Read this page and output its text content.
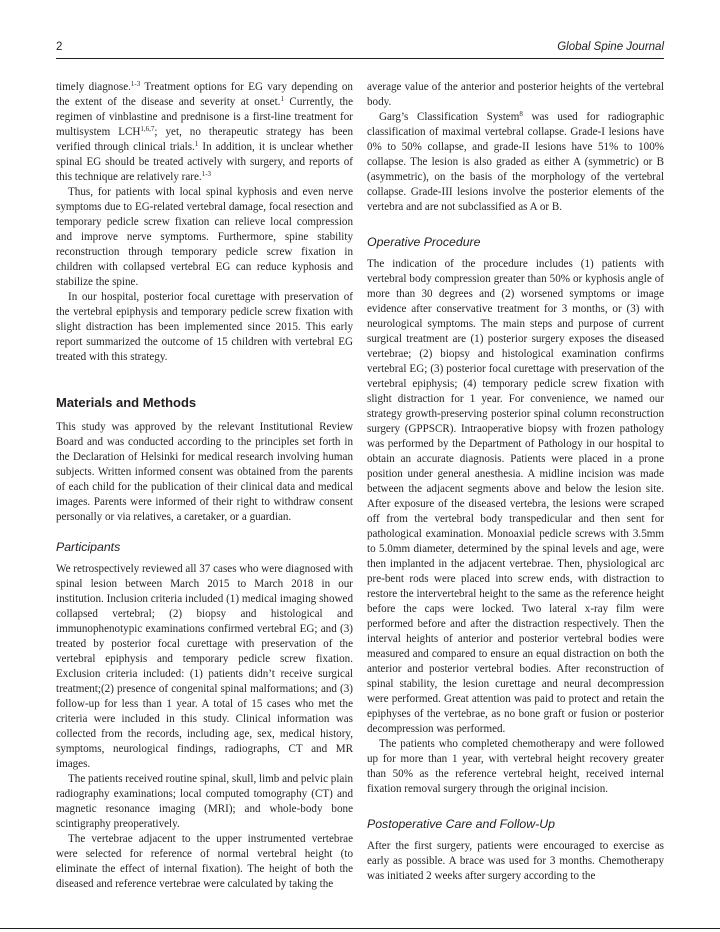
2	Global Spine Journal

timely diagnose.$^{1-3}$ Treatment options for EG vary depending on the extent of the disease and severity at onset.$^1$ Currently, the regimen of vinblastine and prednisone is a first-line treatment for multisystem LCH$^{1,6,7}$; yet, no therapeutic strategy has been verified through clinical trials.$^1$ In addition, it is unclear whether spinal EG should be treated actively with surgery, and reports of this technique are relatively rare.$^{1-3}$

Thus, for patients with local spinal kyphosis and even nerve symptoms due to EG-related vertebral damage, focal resection and temporary pedicle screw fixation can relieve local compression and improve nerve symptoms. Furthermore, spine stability reconstruction through temporary pedicle screw fixation in children with collapsed vertebral EG can reduce kyphosis and stabilize the spine.

In our hospital, posterior focal curettage with preservation of the vertebral epiphysis and temporary pedicle screw fixation with slight distraction has been implemented since 2015. This early report summarized the outcome of 15 children with vertebral EG treated with this strategy.

Materials and Methods

This study was approved by the relevant Institutional Review Board and was conducted according to the principles set forth in the Declaration of Helsinki for medical research involving human subjects. Written informed consent was obtained from the parents of each child for the publication of their clinical data and medical images. Parents were informed of their right to withdraw consent personally or via relatives, a caretaker, or a guardian.

Participants

We retrospectively reviewed all 37 cases who were diagnosed with spinal lesion between March 2015 to March 2018 in our institution. Inclusion criteria included (1) medical imaging showed collapsed vertebral; (2) biopsy and histological and immunophenotypic examinations confirmed vertebral EG; and (3) treated by posterior focal curettage with preservation of the vertebral epiphysis and temporary pedicle screw fixation. Exclusion criteria included: (1) patients didn’t receive surgical treatment;(2) presence of congenital spinal malformations; and (3) follow-up for less than 1 year. A total of 15 cases who met the criteria were included in this study. Clinical information was collected from the records, including age, sex, medical history, symptoms, neurological findings, radiographs, CT and MR images.

The patients received routine spinal, skull, limb and pelvic plain radiography examinations; local computed tomography (CT) and magnetic resonance imaging (MRI); and whole-body bone scintigraphy preoperatively.

The vertebrae adjacent to the upper instrumented vertebrae were selected for reference of normal vertebral height (to eliminate the effect of internal fixation). The height of both the diseased and reference vertebrae were calculated by taking the

average value of the anterior and posterior heights of the vertebral body.

Garg’s Classification System$^8$ was used for radiographic classification of maximal vertebral collapse. Grade-I lesions have 0% to 50% collapse, and grade-II lesions have 51% to 100% collapse. The lesion is also graded as either A (symmetric) or B (asymmetric), on the basis of the morphology of the vertebral collapse. Grade-III lesions involve the posterior elements of the vertebra and are not subclassified as A or B.

Operative Procedure

The indication of the procedure includes (1) patients with vertebral body compression greater than 50% or kyphosis angle of more than 30 degrees and (2) worsened symptoms or image evidence after conservative treatment for 3 months, or (3) with neurological symptoms. The main steps and purpose of current surgical treatment are (1) posterior surgery exposes the diseased vertebrae; (2) biopsy and histological examination confirms vertebral EG; (3) posterior focal curettage with preservation of the vertebral epiphysis; (4) temporary pedicle screw fixation with slight distraction for 1 year. For convenience, we named our strategy growth-preserving posterior spinal column reconstruction surgery (GPPSCR). Intraoperative biopsy with frozen pathology was performed by the Department of Pathology in our hospital to obtain an accurate diagnosis. Patients were placed in a prone position under general anesthesia. A midline incision was made between the adjacent segments above and below the lesion site. After exposure of the diseased vertebra, the lesions were scraped off from the vertebral body transpedicular and then sent for pathological examination. Monoaxial pedicle screws with 3.5mm to 5.0mm diameter, determined by the spinal levels and age, were then implanted in the adjacent vertebrae. Then, physiological arc pre-bent rods were placed into screw ends, with distraction to restore the intervertebral height to the same as the reference height before the caps were locked. Two lateral x-ray film were performed before and after the distraction respectively. Then the interval heights of anterior and posterior vertebral bodies were measured and compared to ensure an equal distraction on both the anterior and posterior vertebral bodies. After reconstruction of spinal stability, the lesion curettage and neural decompression were performed. Great attention was paid to protect and retain the epiphyses of the vertebrae, as no bone graft or fusion or posterior decompression was performed.

The patients who completed chemotherapy and were followed up for more than 1 year, with vertebral height recovery greater than 50% as the reference vertebral height, received internal fixation removal surgery through the original incision.

Postoperative Care and Follow-Up

After the first surgery, patients were encouraged to exercise as early as possible. A brace was used for 3 months. Chemotherapy was initiated 2 weeks after surgery according to the
